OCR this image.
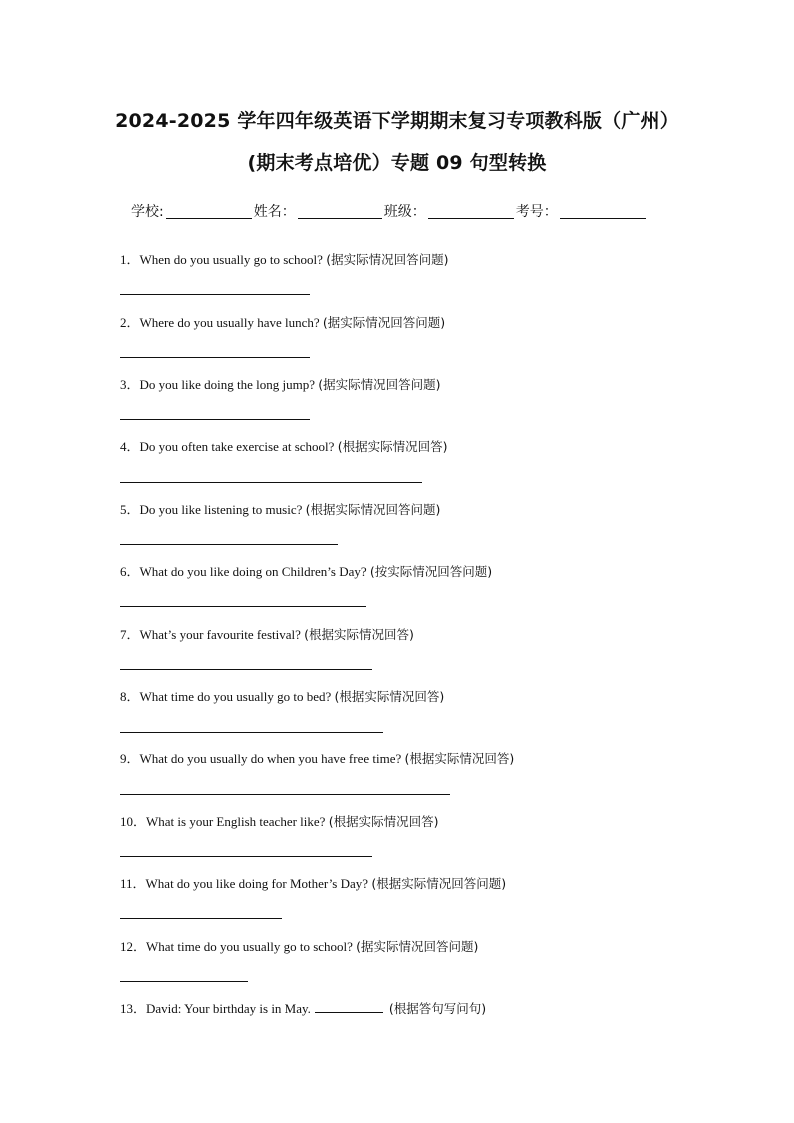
2024-2025 学年四年级英语下学期期末复习专项教科版（广州）
(期末考点培优）专题 09 句型转换
学校:	姓名：	班级：	考号：
1．When do you usually go to school? (据实际情况回答问题)
2．Where do you usually have lunch? (据实际情况回答问题)
3．Do you like doing the long jump? (据实际情况回答问题)
4．Do you often take exercise at school? (根据实际情况回答)
5．Do you like listening to music? (根据实际情况回答问题)
6．What do you like doing on Children’s Day? (按实际情况回答问题)
7．What’s your favourite festival? (根据实际情况回答)
8．What time do you usually go to bed? (根据实际情况回答)
9．What do you usually do when you have free time? (根据实际情况回答)
10．What is your English teacher like? (根据实际情况回答)
11．What do you like doing for Mother’s Day? (根据实际情况回答问题)
12．What time do you usually go to school? (据实际情况回答问题)
13．David: Your birthday is in May.	(根据答句写问句)
